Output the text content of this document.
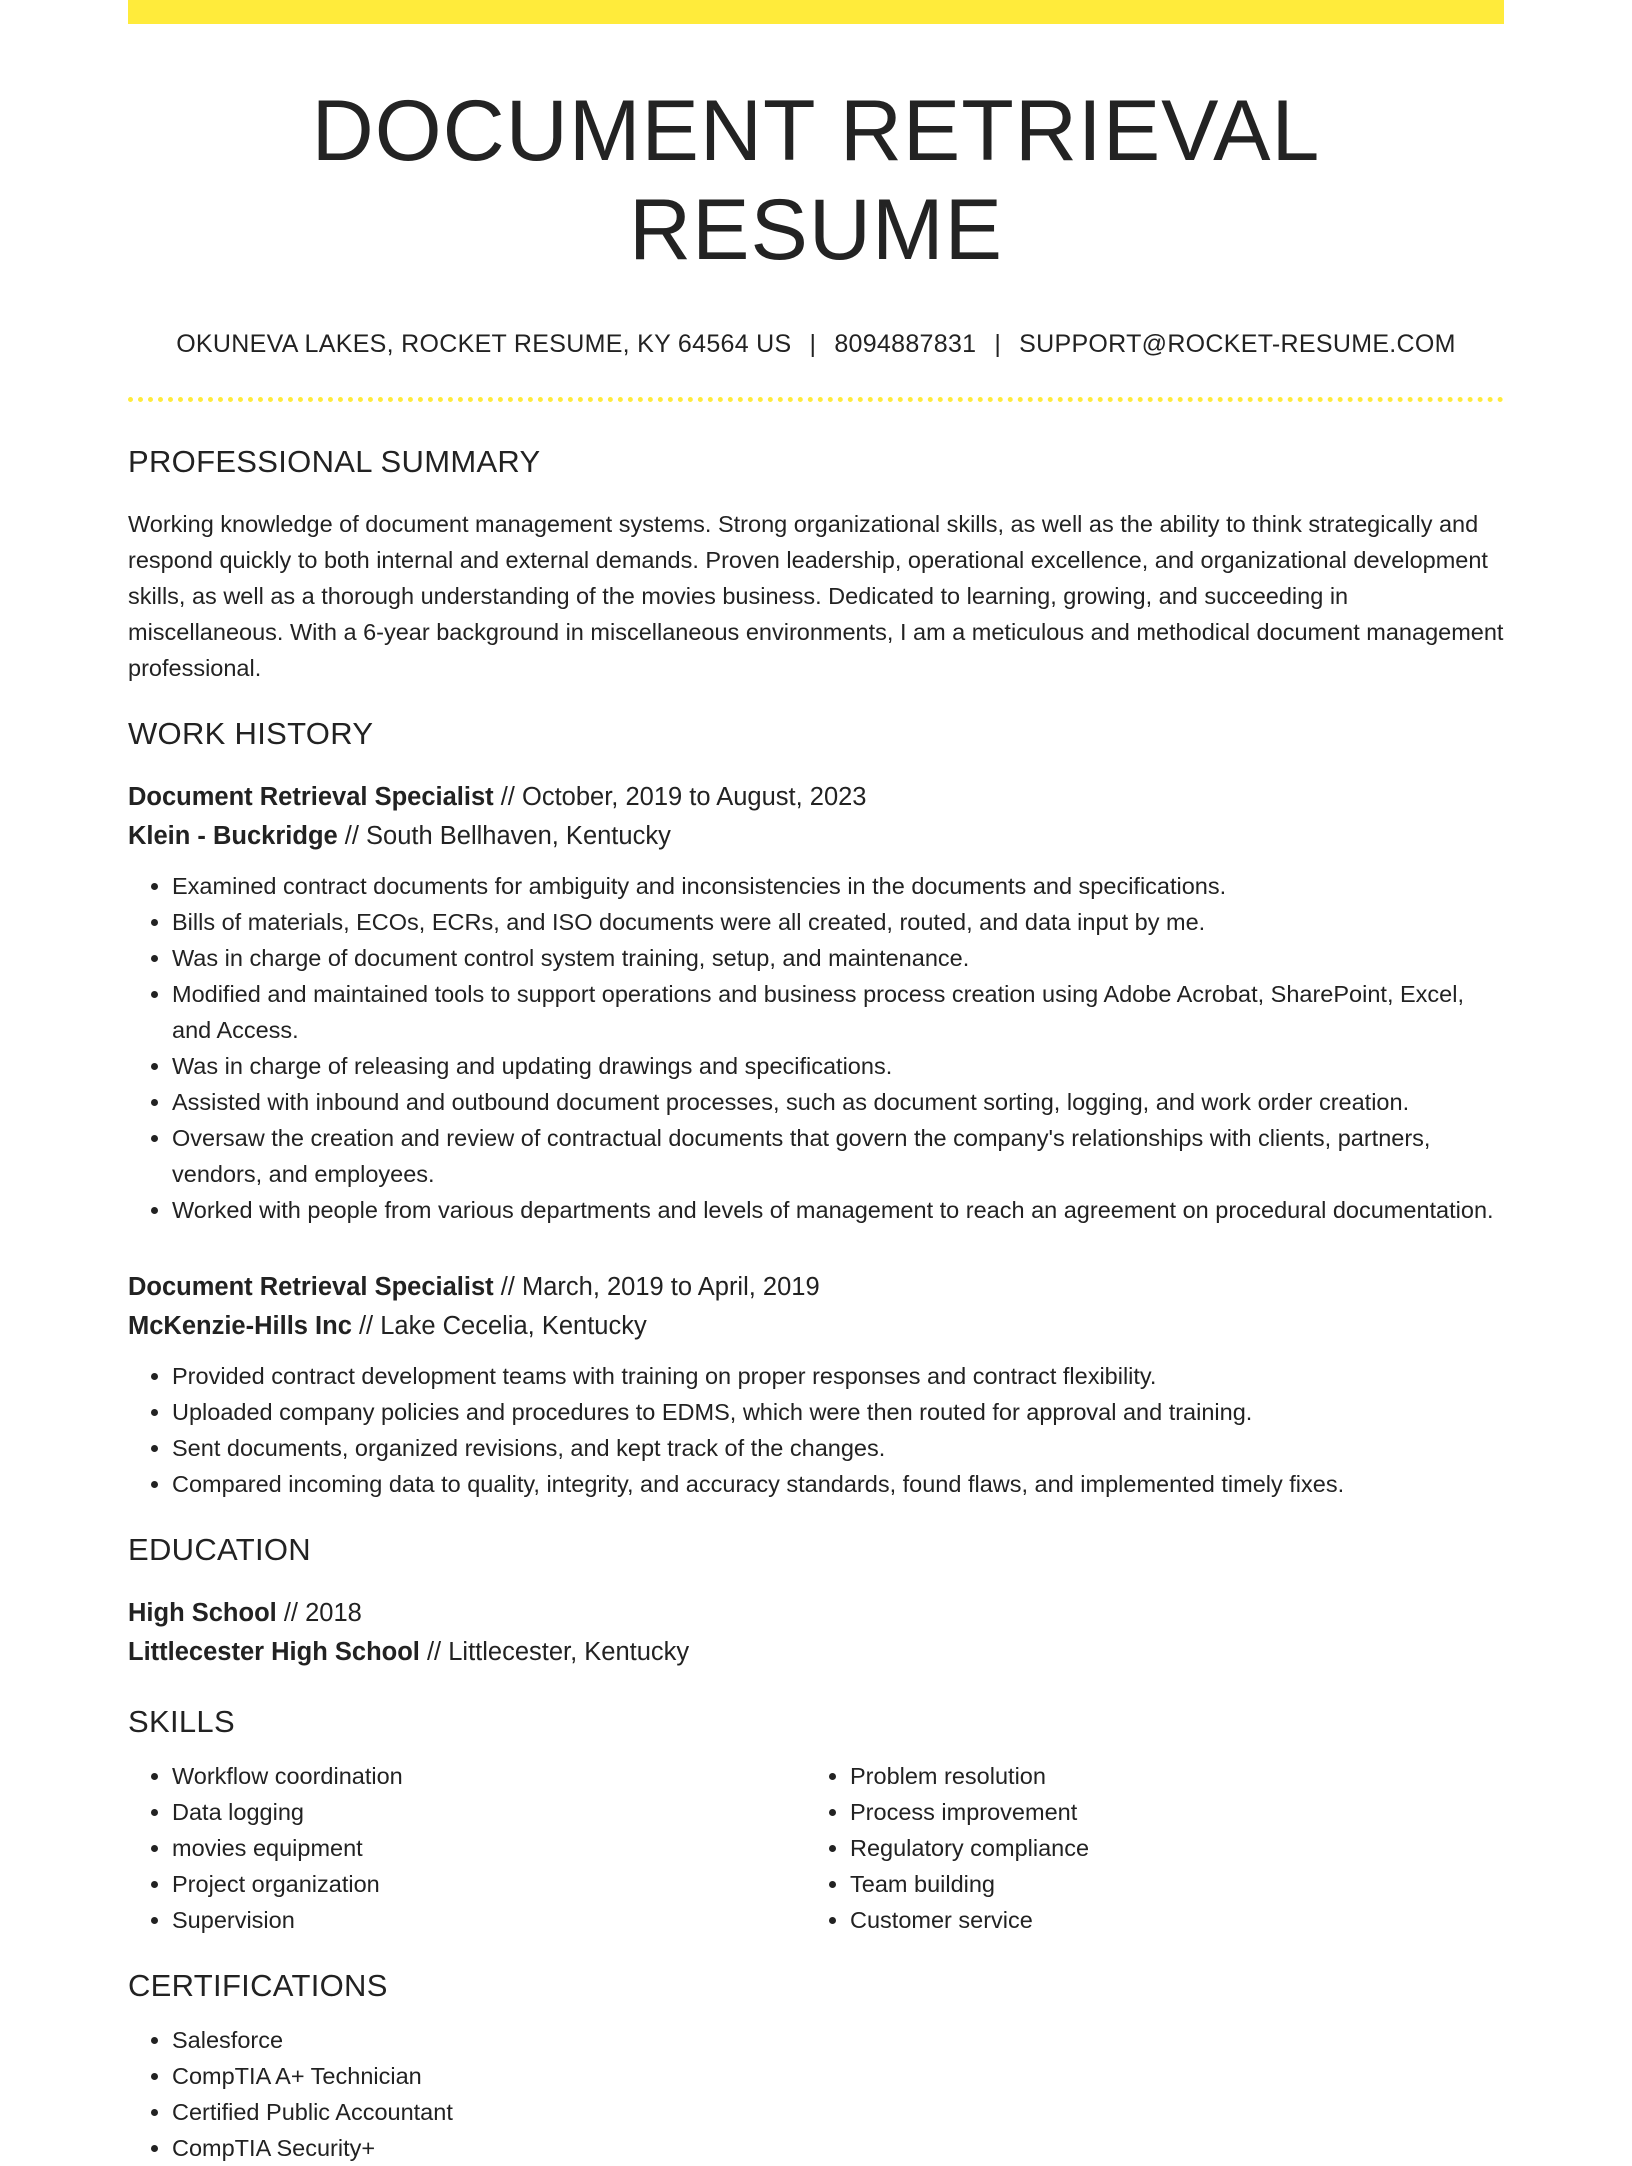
DOCUMENT RETRIEVAL RESUME
OKUNEVA LAKES, ROCKET RESUME, KY 64564 US | 8094887831 | SUPPORT@ROCKET-RESUME.COM
PROFESSIONAL SUMMARY
Working knowledge of document management systems. Strong organizational skills, as well as the ability to think strategically and respond quickly to both internal and external demands. Proven leadership, operational excellence, and organizational development skills, as well as a thorough understanding of the movies business. Dedicated to learning, growing, and succeeding in miscellaneous. With a 6-year background in miscellaneous environments, I am a meticulous and methodical document management professional.
WORK HISTORY
Document Retrieval Specialist // October, 2019 to August, 2023
Klein - Buckridge // South Bellhaven, Kentucky
• Examined contract documents for ambiguity and inconsistencies in the documents and specifications.
• Bills of materials, ECOs, ECRs, and ISO documents were all created, routed, and data input by me.
• Was in charge of document control system training, setup, and maintenance.
• Modified and maintained tools to support operations and business process creation using Adobe Acrobat, SharePoint, Excel, and Access.
• Was in charge of releasing and updating drawings and specifications.
• Assisted with inbound and outbound document processes, such as document sorting, logging, and work order creation.
• Oversaw the creation and review of contractual documents that govern the company's relationships with clients, partners, vendors, and employees.
• Worked with people from various departments and levels of management to reach an agreement on procedural documentation.
Document Retrieval Specialist // March, 2019 to April, 2019
McKenzie-Hills Inc // Lake Cecelia, Kentucky
• Provided contract development teams with training on proper responses and contract flexibility.
• Uploaded company policies and procedures to EDMS, which were then routed for approval and training.
• Sent documents, organized revisions, and kept track of the changes.
• Compared incoming data to quality, integrity, and accuracy standards, found flaws, and implemented timely fixes.
EDUCATION
High School // 2018
Littlecester High School // Littlecester, Kentucky
SKILLS
• Workflow coordination
• Data logging
• movies equipment
• Project organization
• Supervision
• Problem resolution
• Process improvement
• Regulatory compliance
• Team building
• Customer service
CERTIFICATIONS
• Salesforce
• CompTIA A+ Technician
• Certified Public Accountant
• CompTIA Security+
